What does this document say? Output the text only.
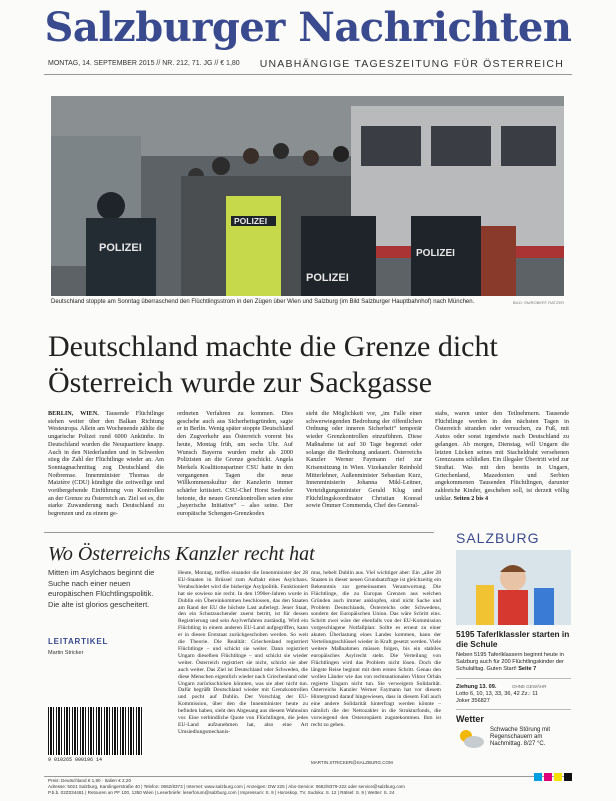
Salzburger Nachrichten
MONTAG, 14. SEPTEMBER 2015 // NR. 212, 71. JG // € 1,80 UNABHÄNGIGE TAGESZEITUNG FÜR ÖSTERREICH
POLIZEI
POLIZEI
POLIZEI
POLIZEI
Deutschland stoppte am Sonntag überraschend den Flüchtlingsstrom in den Zügen über Wien und Salzburg (im Bild Salzburger Hauptbahnhof) nach München.	BILD: SN/ROBERT RATZER
Deutschland machte die Grenze dicht
Österreich wurde zur Sackgasse
BERLIN, WIEN. Tausende Flüchtlinge stehen weiter über den Balkan Richtung Westeuropa. Allein am Wochenende zählte die ungarische Polizei rund 6000 Ankünfte. In Deutschland wurden die Neuquartiere knapp. Auch in den Niederlanden und in Schweden stieg die Zahl der Flüchtlinge wieder an. Am Sonntagnachmittag zog Deutschland die Notbremse. Innenminister Thomas de Maizière (CDU) kündigte die zeitweilige und vorübergehende Einführung von Kontrollen an der Grenze zu Österreich an. Ziel sei es, die starke Zuwanderung nach Deutschland zu begrenzen und zu einem ge-
ordneten Verfahren zu kommen. Dies geschehe auch aus Sicherheitsgründen, sagte er in Berlin. Wenig später stoppte Deutschland den Zugverkehr aus Österreich vorerst bis heute, Montag früh, um sechs Uhr. Auf Wunsch Bayerns wurden mehr als 2000 Polizisten an die Grenze geschickt. Angela Merkels Koalitionspartner CSU hatte in den vergangenen Tagen die neue Willkommenskultur der Kanzlerin immer schärfer kritisiert. CSU-Chef Horst Seehofer betonte, die neuen Grenzkontrollen seien eine „bayerische Initiative“ – also seine. Der europäische Schengen-Grenzkodex
sieht die Möglichkeit vor, „im Falle einer schwerwiegenden Bedrohung der öffentlichen Ordnung oder inneren Sicherheit“ temporär wieder Grenzkontrollen einzuführen. Diese Maßnahme ist auf 30 Tage begrenzt oder solange die Bedrohung andauert. Österreichs Kanzler Werner Faymann rief zur Krisensitzung in Wien. Vizekanzler Reinhold Mitterlehner, Außenminister Sebastian Kurz, Innenministerin Johanna Mikl-Leitner, Verteidigungsminister Gerald Klug und Flüchtlingskoordinator Christian Konrad sowie Ömmer Commenda, Chef des General-
stabs, waren unter den Teilnehmern. Tausende Flüchtlinge werden in den nächsten Tagen in Österreich stranden oder versuchen, zu Fuß, mit Autos oder sonst irgendwie nach Deutschland zu gelangen. Ab morgen, Dienstag, will Ungarn die letzten Lücken seines mit Stacheldraht versehenen Grenzzauns schließen. Ein illegaler Übertritt wird zur Straftat. Was mit den bereits in Ungarn, Griechenland, Mazedonien und Serbien angekommenen Tausenden Flüchtlingen, darunter zahlreiche Kinder, geschehen soll, ist derzeit völlig unklar. Seiten 2 bis 4
Wo Österreichs Kanzler recht hat
Mitten im Asylchaos beginnt die Suche nach einer neuen europäischen Flüchtlingspolitik. Die alte ist glorios gescheitert.
LEITARTIKEL
Martin Stricker
Heute, Montag, treffen einander die Innenminister der 28 EU-Staaten in Brüssel zum Auftakt eines Asylchaos. Verabschiedet wird die bisherige Asylpolitik. Funktioniert hat sie sowieso nie recht. In den 1990er-Jahren wurde in Dublin ein Übereinkommen beschlossen, das den Staaten am Rand der EU die höchste Last auferlegt. Jener Staat, den ein Schutzsuchender zuerst betritt, ist für dessen Registrierung und sein Asylverfahren zuständig. Wird ein Flüchtling in einem anderen EU-Land aufgegriffen, kann er in diesen Erststaat zurückgeschoben werden. So weit die Theorie. Die Realität: Griechenland registriert Flüchtlinge – und schickt sie weiter. Dann registriert Ungarn dieselben Flüchtlinge – und schickt sie wieder weiter. Österreich registriert sie nicht, schickt sie aber auch weiter. Das Ziel ist Deutschland oder Schweden, die diese Menschen eigentlich wieder nach Griechenland oder Ungarn zurückschicken könnten, was sie aber nicht tun. Dafür begrüßt Deutschland wieder mit Grenzkontrollen und pocht auf Dublin. Der Vorschlag der EU-Kommission, über den die Innenminister heute zu befinden haben, sieht den Abgesang aus diesem Wahnsinn vor. Eine verbindliche Quote von Flüchtlingen, die jedes EU-Land aufzunehmen hat, also eine Art Umsiedlungsmechanis-
mus, hebelt Dublin aus. Viel wichtiger aber: Ein „aller 28 Staaten in dieser neuen Grundsatzfrage ist gleichzeitig ein Bekenntnis zur gemeinsamen Verantwortung. Die Flüchtlinge, die zu Europas Grenzen aus welchen Gründen auch immer anklopfen, sind nicht Sache und Problem Deutschlands, Österreichs oder Schwedens, sondern der Europäischen Union. Das wäre Schritt eins. Schritt zwei wäre der ebenfalls von der EU-Kommission vorgeschlagene Notfallplan: Sollte es erneut zu einer akuten Überlastung eines Landes kommen, kann der Verteilungsschlüssel wieder in Kraft gesetzt werden. Viele weitere Maßnahmen müssen folgen, bis ein stabiles europäisches Asylrecht steht. Die Verteilung von Flüchtlingen wird das Problem nicht lösen. Doch die längste Reise beginnt mit dem ersten Schritt. Genau den wollen Länder wie das von rechtsnationalen Viktor Orbán regierte Ungarn nicht tun. Sie verweigern Solidarität. Österreichs Kanzler Werner Faymann hat vor diesem Hintergrund darauf hingewiesen, dass in diesem Fall auch eine andere Solidarität hinterfragt werden könnte – nämlich die der Nettozahler in die Strukturfonds, die vorwiegend den Osteuropäern zugutekommen. Ihm ist recht zu geben.
MARTIN.STRICKER@SALZBURG.COM
9 010265 000196 14
SALZBURG
5195 Taferlklassler starten in die Schule
Neben 5195 Taferlklassern beginnt heute in Salzburg auch für 200 Flüchtlingskinder der Schulalltag. Guten Start! Seite 7
Ziehung 13. 09.	OHNE GEWÄHR
Lotto 6, 10, 13, 33, 36, 42 Zz.: 11
Joker 356827
Wetter
Schwache Störung mit Regenschauern am Nachmittag. 8/27 °C.
Preis: Deutschland € 1,90 · Italien € 2,20
Adresse: 5021 Salzburg, Karolingerstraße 40 | Telefon: 0662/8373 | Internet: www.salzburg.com | Anzeigen: DW 225 | Abo-Service: 0662/8379-222 oder service@salzburg.com
P.b.b. 02Z034481 | Retouren an PF 100, 1350 Wien | Leserbriefe: leserforum@salzburg.com | Impressum: S. 9 | Horoskop, TV, Sudoku: S. 12 | Rätsel: S. 9 | Wetter: S. 24
